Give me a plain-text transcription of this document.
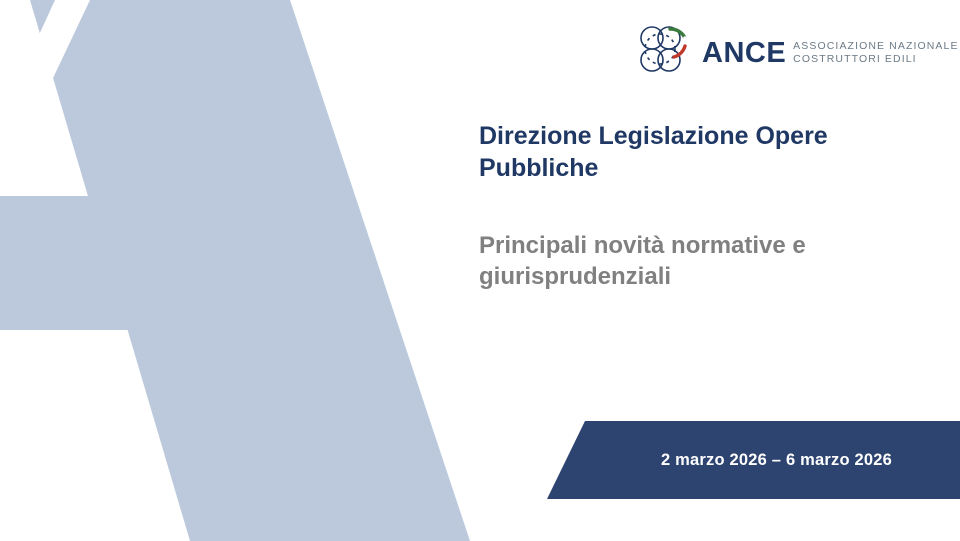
ANCE ASSOCIAZIONE NAZIONALE
COSTRUTTORI EDILI
Direzione Legislazione Opere Pubbliche
Principali novità normative e giurisprudenziali
2 marzo 2026 – 6 marzo 2026
